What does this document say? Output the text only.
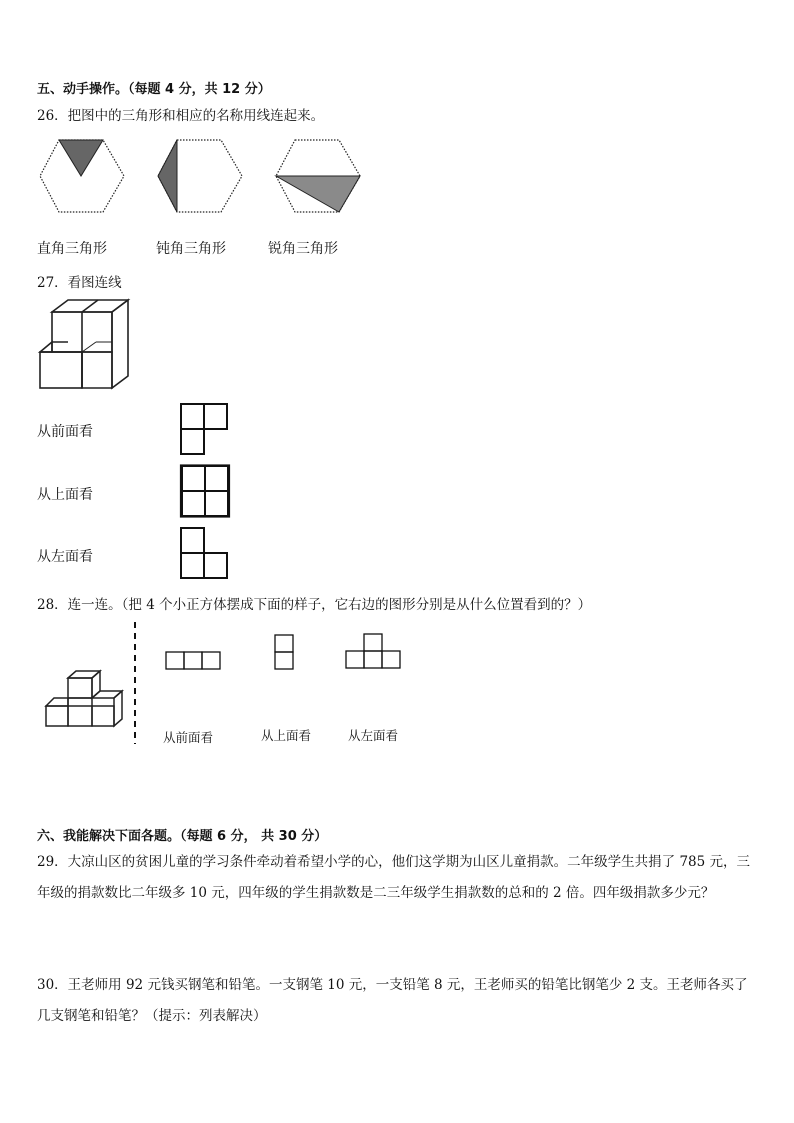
五、动手操作。（每题 4 分，共 12 分）
26．把图中的三角形和相应的名称用线连起来。
直角三角形	钝角三角形	锐角三角形
27．看图连线
从前面看
从上面看
从左面看
28．连一连。（把 4 个小正方体摆成下面的样子，它右边的图形分别是从什么位置看到的？）
从前面看	从上面看	从左面看
六、我能解决下面各题。（每题 6 分， 共 30 分）
29．大凉山区的贫困儿童的学习条件牵动着希望小学的心，他们这学期为山区儿童捐款。二年级学生共捐了 785 元，三年级的捐款数比二年级多 10 元，四年级的学生捐款数是二三年级学生捐款数的总和的 2 倍。四年级捐款多少元？
30．王老师用 92 元钱买钢笔和铅笔。一支钢笔 10 元，一支铅笔 8 元，王老师买的铅笔比钢笔少 2 支。王老师各买了几支钢笔和铅笔？（提示：列表解决）
